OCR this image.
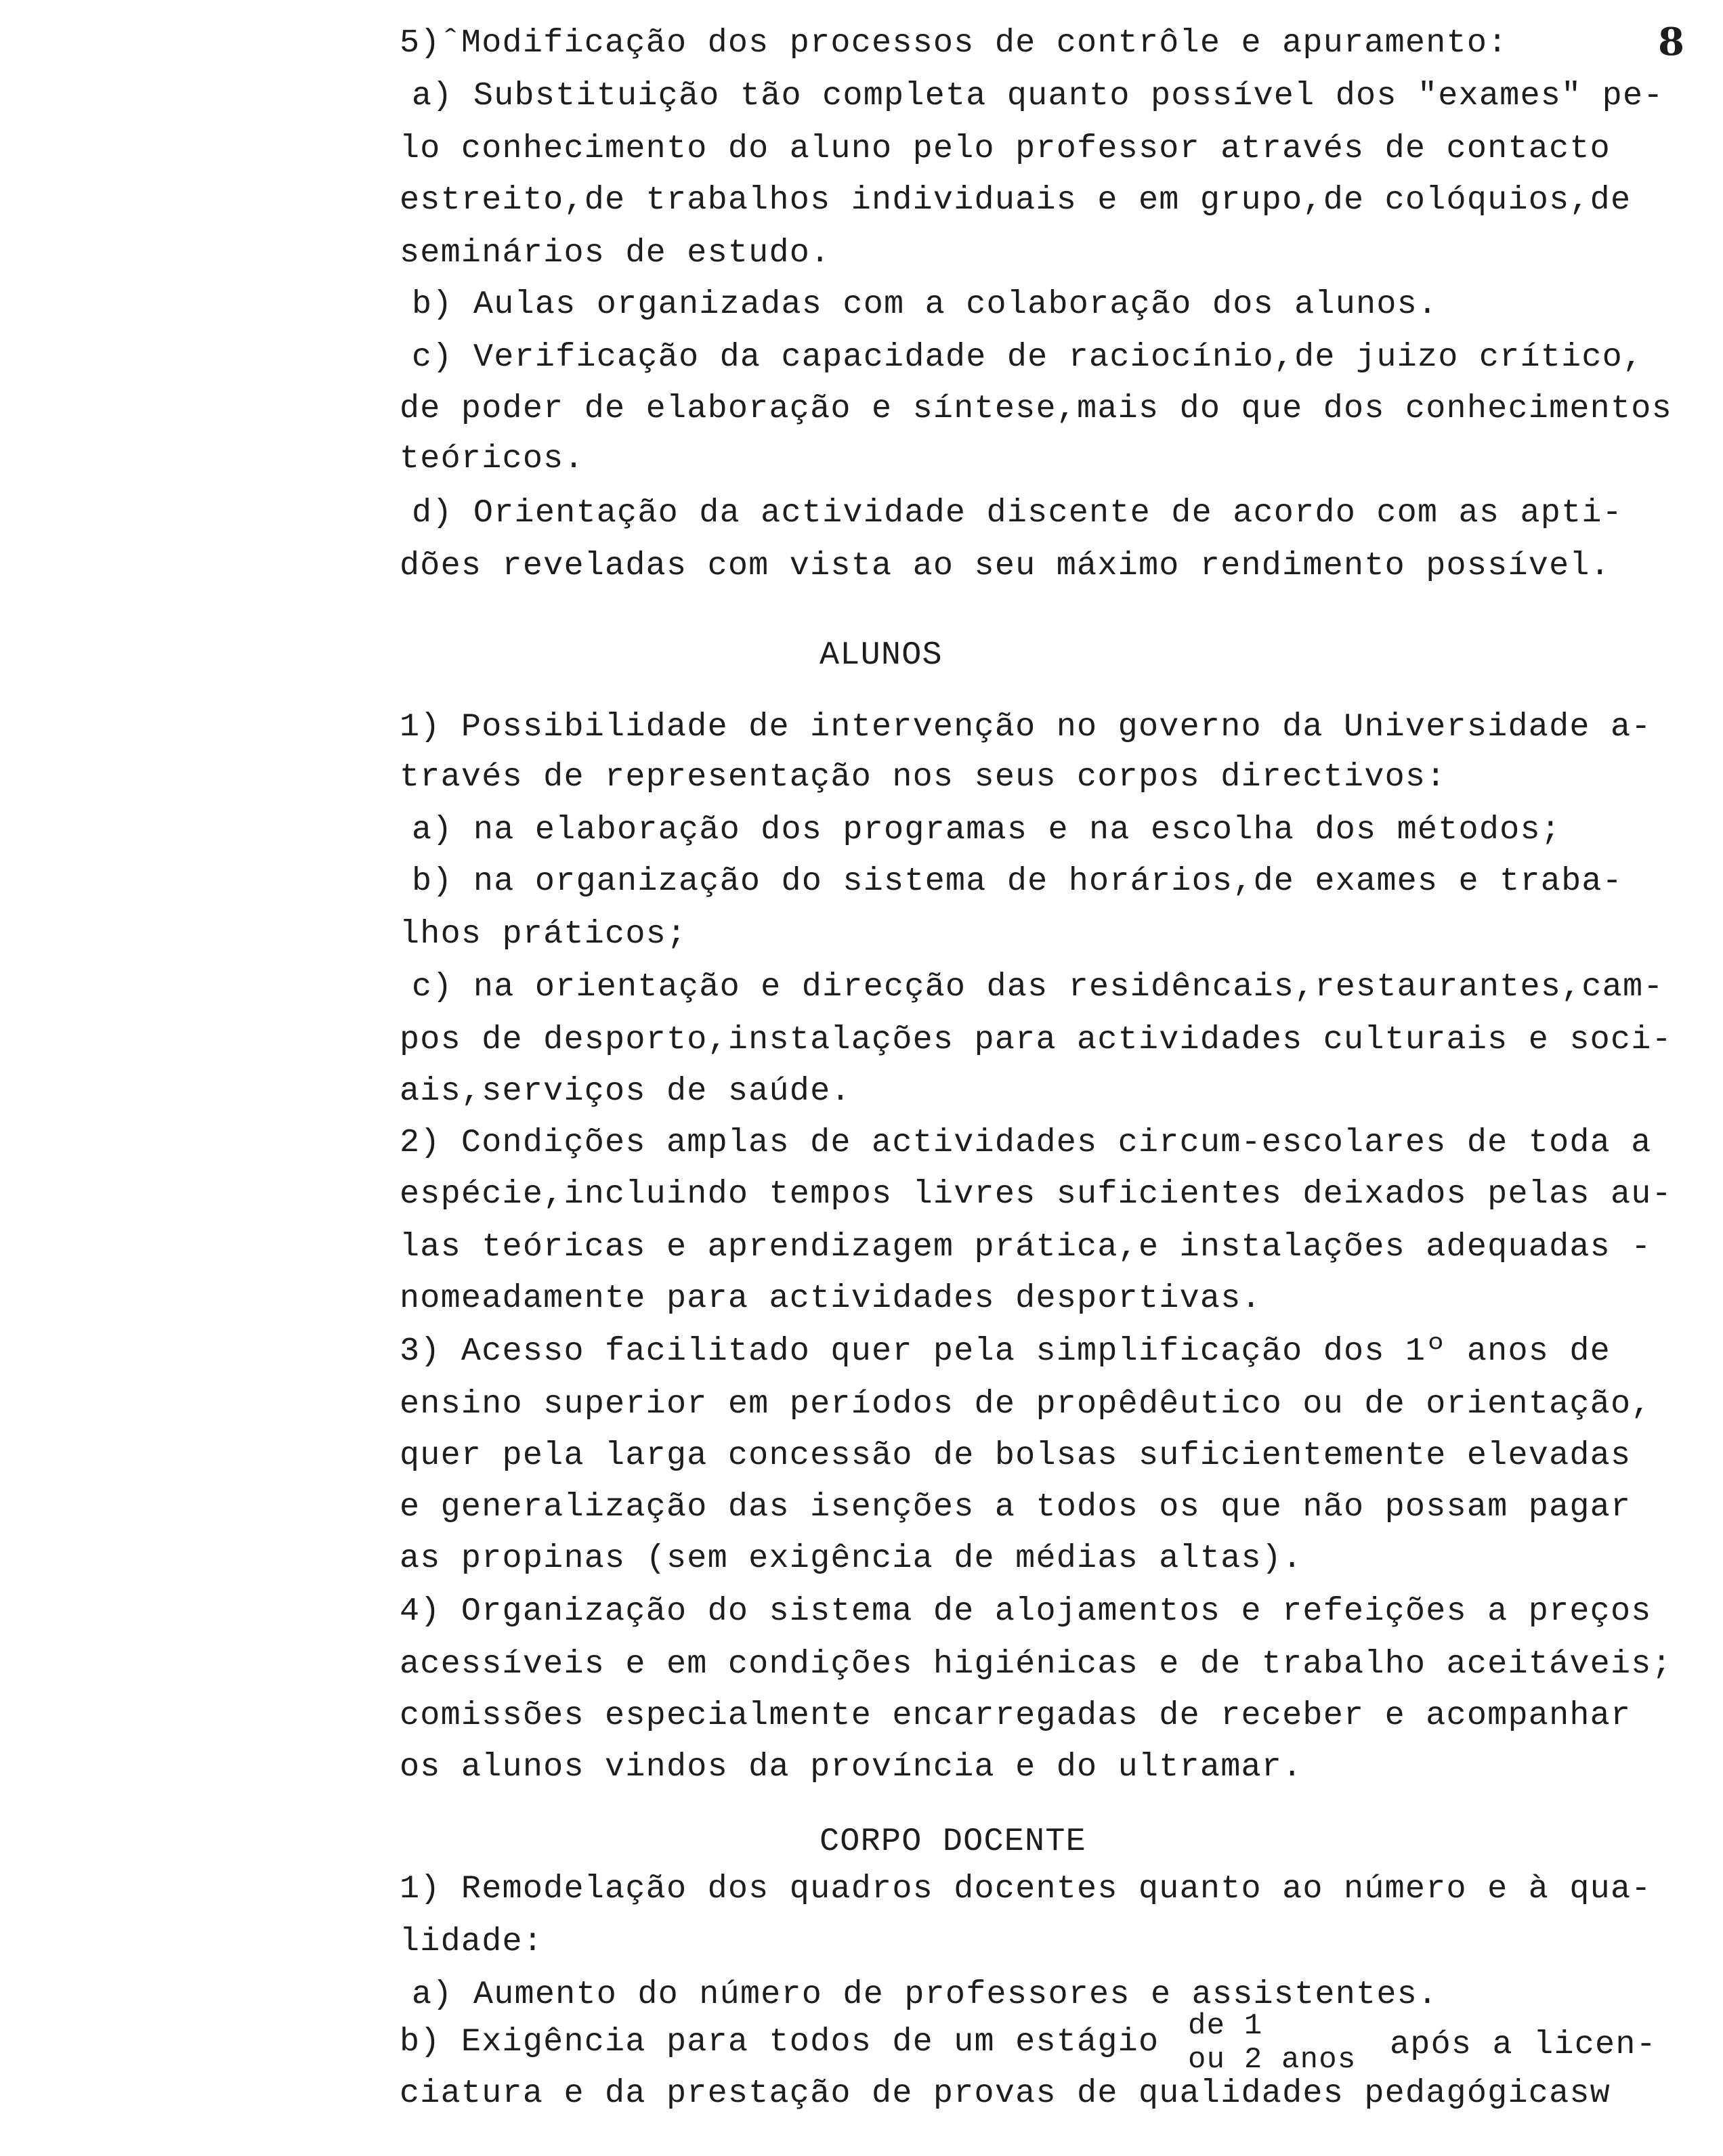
8

5)ˆModificação dos processos de contrôle e apuramento:

a) Substituição tão completa quanto possível dos "exames" pe-

lo conhecimento do aluno pelo professor através de contacto

estreito,de trabalhos individuais e em grupo,de colóquios,de

seminários de estudo.

b) Aulas organizadas com a colaboração dos alunos.

c) Verificação da capacidade de raciocínio,de juizo crítico,

de poder de elaboração e síntese,mais do que dos conhecimentos

teóricos.

d) Orientação da actividade discente de acordo com as apti-

dões reveladas com vista ao seu máximo rendimento possível.

ALUNOS

1) Possibilidade de intervenção no governo da Universidade a-

través de representação nos seus corpos directivos:

a) na elaboração dos programas e na escolha dos métodos;

b) na organização do sistema de horários,de exames e traba-

lhos práticos;

c) na orientação e direcção das residêncais,restaurantes,cam-

pos de desporto,instalações para actividades culturais e soci-

ais,serviços de saúde.

2) Condições amplas de actividades circum-escolares de toda a

espécie,incluindo tempos livres suficientes deixados pelas au-

las teóricas e aprendizagem prática,e instalações adequadas -

nomeadamente para actividades desportivas.

3) Acesso facilitado quer pela simplificação dos 1º anos de

ensino superior em períodos de propêdêutico ou de orientação,

quer pela larga concessão de bolsas suficientemente elevadas

e generalização das isenções a todos os que não possam pagar

as propinas (sem exigência de médias altas).

4) Organização do sistema de alojamentos e refeições a preços

acessíveis e em condições higiénicas e de trabalho aceitáveis;

comissões especialmente encarregadas de receber e acompanhar

os alunos vindos da província e do ultramar.

CORPO DOCENTE

1) Remodelação dos quadros docentes quanto ao número e à qua-

lidade:

a) Aumento do número de professores e assistentes.

b) Exigência para todos de um estágio

de 1

ou 2 anos

após a licen-

ciatura e da prestação de provas de qualidades pedagógicasw
